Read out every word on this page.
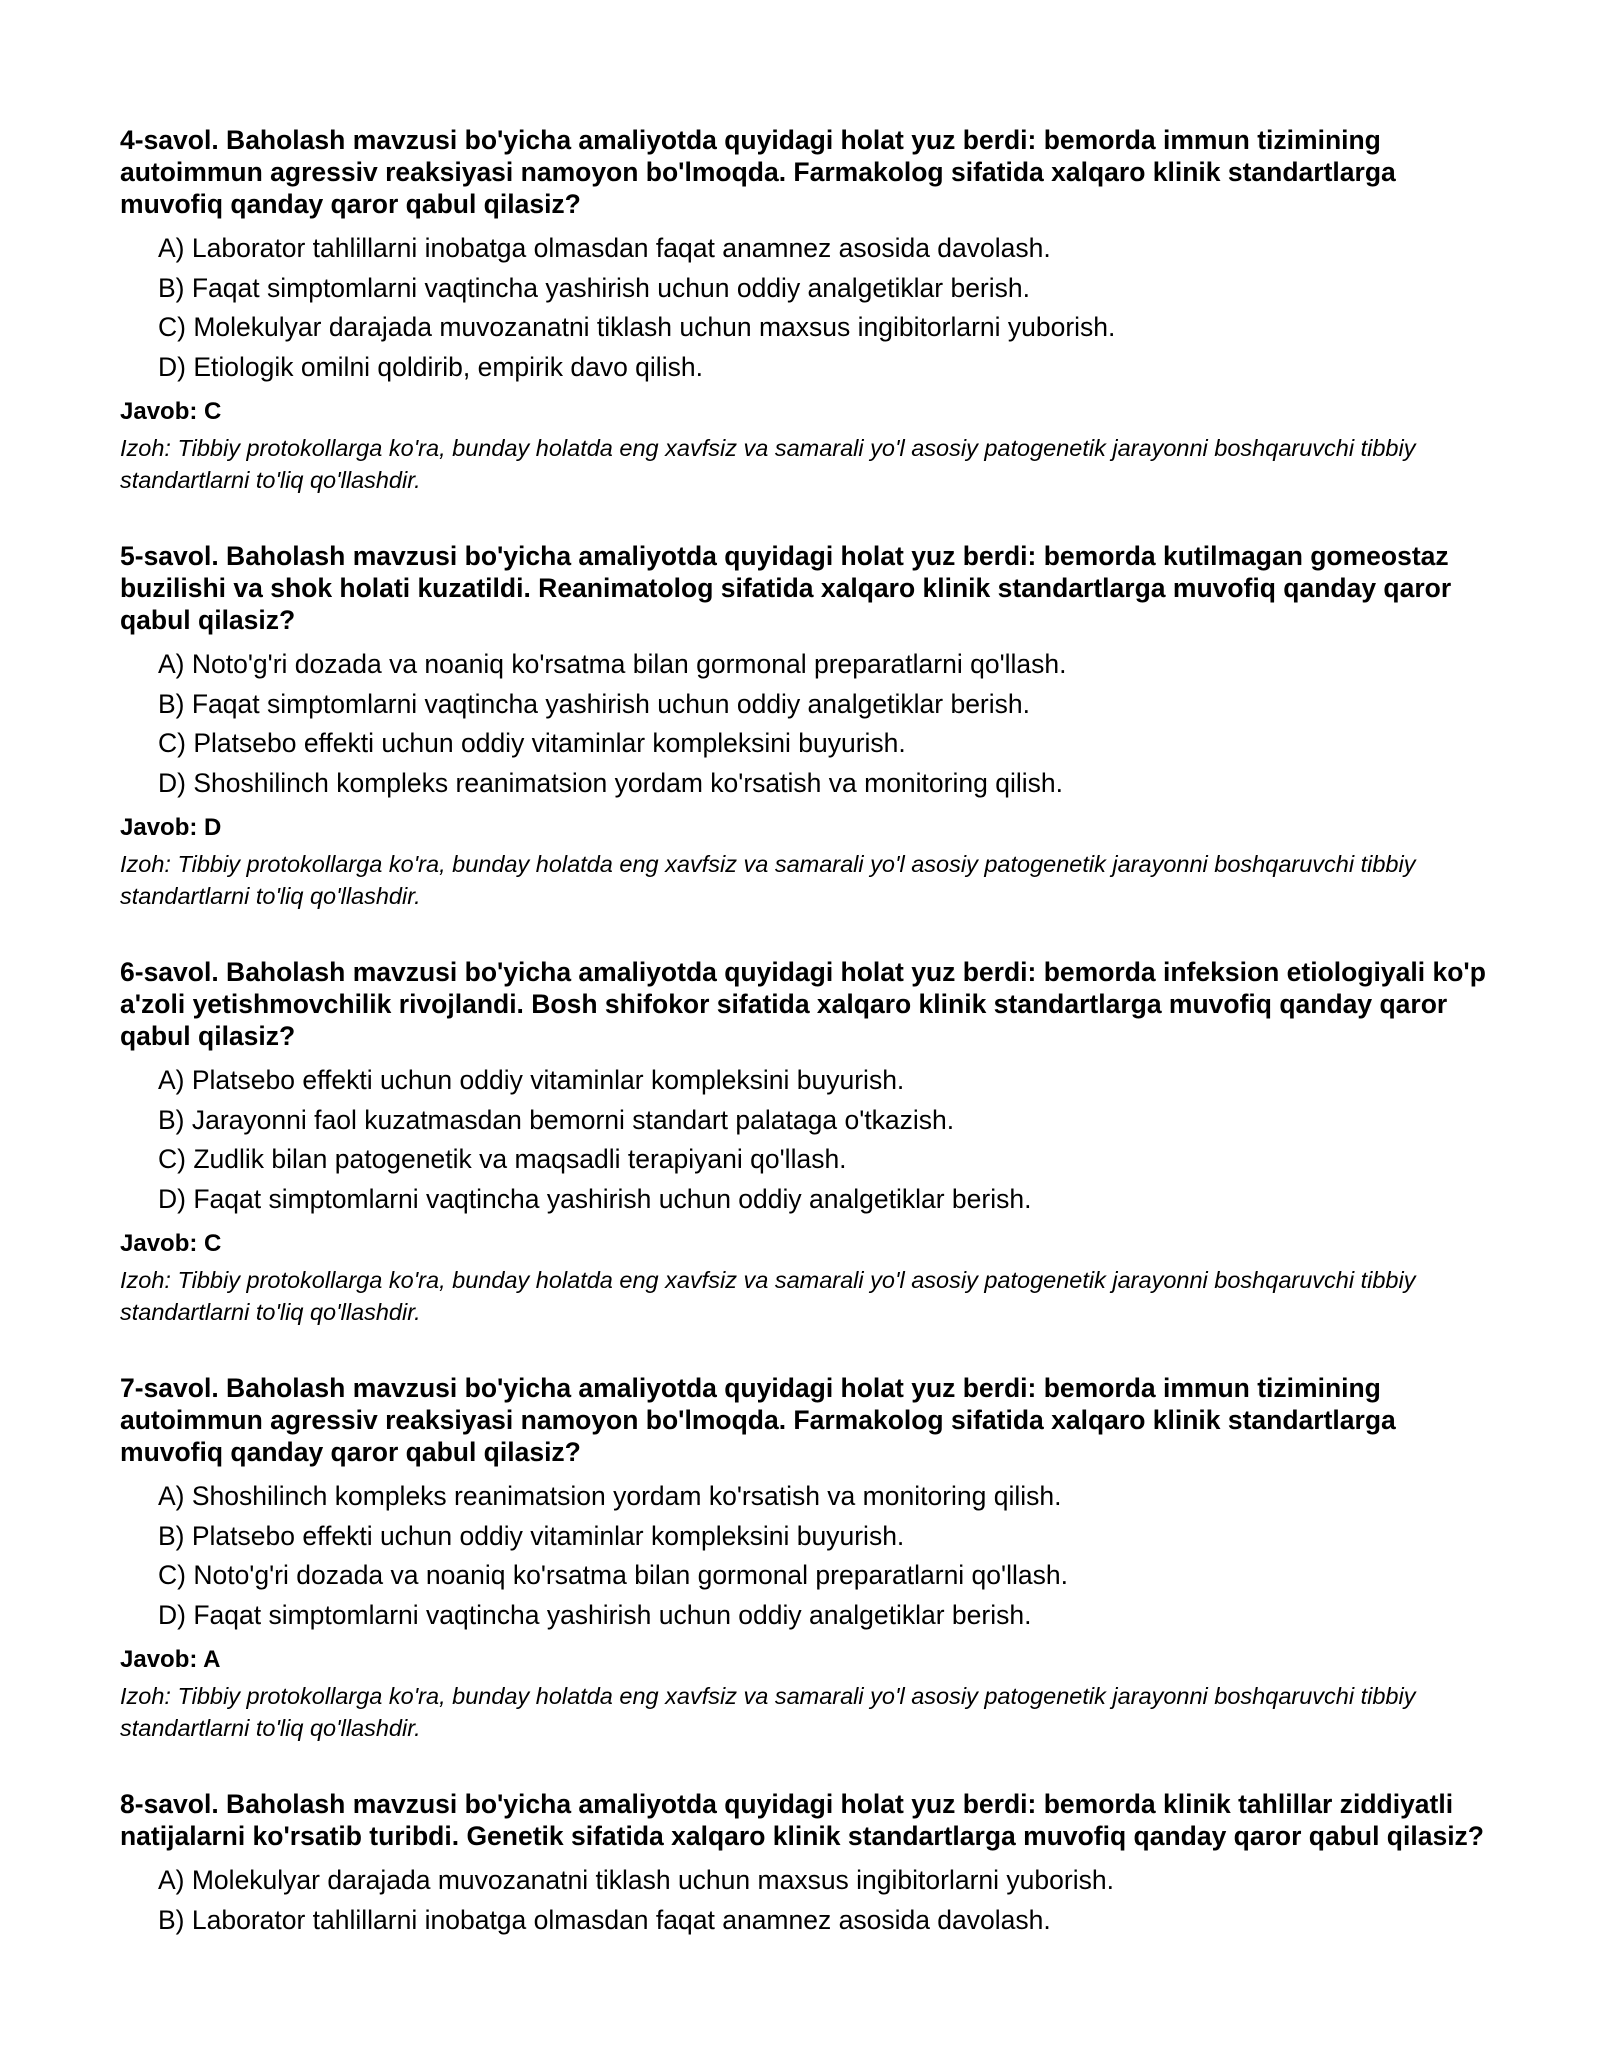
4-savol. Baholash mavzusi bo'yicha amaliyotda quyidagi holat yuz berdi: bemorda immun tizimining autoimmun agressiv reaksiyasi namoyon bo'lmoqda. Farmakolog sifatida xalqaro klinik standartlarga muvofiq qanday qaror qabul qilasiz?

A) Laborator tahlillarni inobatga olmasdan faqat anamnez asosida davolash.
B) Faqat simptomlarni vaqtincha yashirish uchun oddiy analgetiklar berish.
C) Molekulyar darajada muvozanatni tiklash uchun maxsus ingibitorlarni yuborish.
D) Etiologik omilni qoldirib, empirik davo qilish.

Javob: C

Izoh: Tibbiy protokollarga ko'ra, bunday holatda eng xavfsiz va samarali yo'l asosiy patogenetik jarayonni boshqaruvchi tibbiy standartlarni to'liq qo'llashdir.

5-savol. Baholash mavzusi bo'yicha amaliyotda quyidagi holat yuz berdi: bemorda kutilmagan gomeostaz buzilishi va shok holati kuzatildi. Reanimatolog sifatida xalqaro klinik standartlarga muvofiq qanday qaror qabul qilasiz?

A) Noto'g'ri dozada va noaniq ko'rsatma bilan gormonal preparatlarni qo'llash.
B) Faqat simptomlarni vaqtincha yashirish uchun oddiy analgetiklar berish.
C) Platsebo effekti uchun oddiy vitaminlar kompleksini buyurish.
D) Shoshilinch kompleks reanimatsion yordam ko'rsatish va monitoring qilish.

Javob: D

Izoh: Tibbiy protokollarga ko'ra, bunday holatda eng xavfsiz va samarali yo'l asosiy patogenetik jarayonni boshqaruvchi tibbiy standartlarni to'liq qo'llashdir.

6-savol. Baholash mavzusi bo'yicha amaliyotda quyidagi holat yuz berdi: bemorda infeksion etiologiyali ko'p a'zoli yetishmovchilik rivojlandi. Bosh shifokor sifatida xalqaro klinik standartlarga muvofiq qanday qaror qabul qilasiz?

A) Platsebo effekti uchun oddiy vitaminlar kompleksini buyurish.
B) Jarayonni faol kuzatmasdan bemorni standart palataga o'tkazish.
C) Zudlik bilan patogenetik va maqsadli terapiyani qo'llash.
D) Faqat simptomlarni vaqtincha yashirish uchun oddiy analgetiklar berish.

Javob: C

Izoh: Tibbiy protokollarga ko'ra, bunday holatda eng xavfsiz va samarali yo'l asosiy patogenetik jarayonni boshqaruvchi tibbiy standartlarni to'liq qo'llashdir.

7-savol. Baholash mavzusi bo'yicha amaliyotda quyidagi holat yuz berdi: bemorda immun tizimining autoimmun agressiv reaksiyasi namoyon bo'lmoqda. Farmakolog sifatida xalqaro klinik standartlarga muvofiq qanday qaror qabul qilasiz?

A) Shoshilinch kompleks reanimatsion yordam ko'rsatish va monitoring qilish.
B) Platsebo effekti uchun oddiy vitaminlar kompleksini buyurish.
C) Noto'g'ri dozada va noaniq ko'rsatma bilan gormonal preparatlarni qo'llash.
D) Faqat simptomlarni vaqtincha yashirish uchun oddiy analgetiklar berish.

Javob: A

Izoh: Tibbiy protokollarga ko'ra, bunday holatda eng xavfsiz va samarali yo'l asosiy patogenetik jarayonni boshqaruvchi tibbiy standartlarni to'liq qo'llashdir.

8-savol. Baholash mavzusi bo'yicha amaliyotda quyidagi holat yuz berdi: bemorda klinik tahlillar ziddiyatli natijalarni ko'rsatib turibdi. Genetik sifatida xalqaro klinik standartlarga muvofiq qanday qaror qabul qilasiz?

A) Molekulyar darajada muvozanatni tiklash uchun maxsus ingibitorlarni yuborish.
B) Laborator tahlillarni inobatga olmasdan faqat anamnez asosida davolash.
